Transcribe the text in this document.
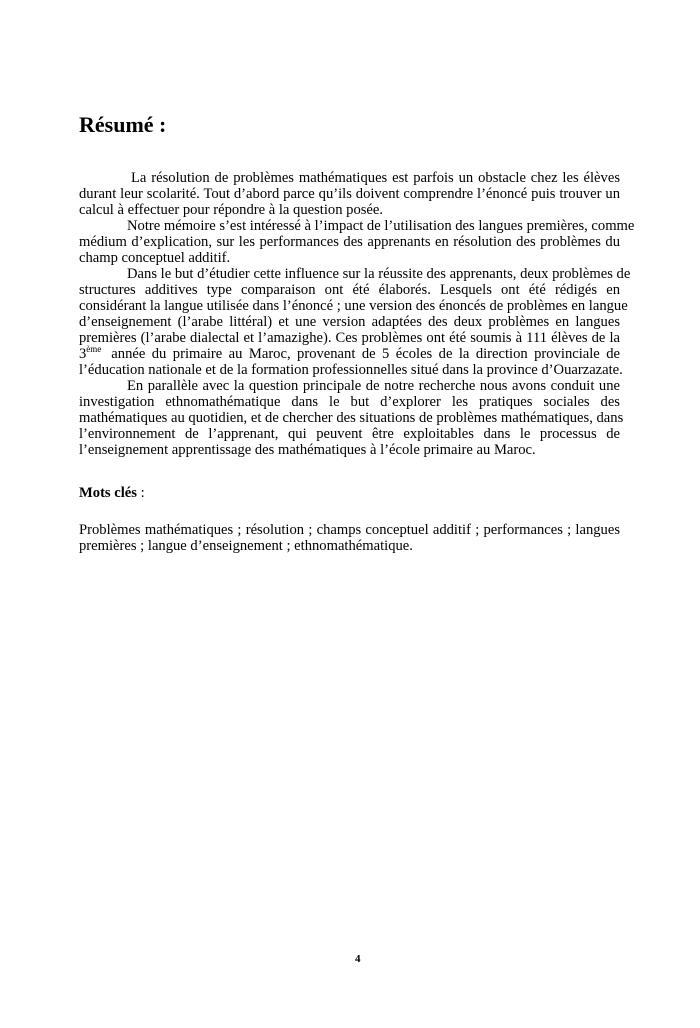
Résumé :
La résolution de problèmes mathématiques est parfois un obstacle chez les élèves
durant leur scolarité. Tout d’abord parce qu’ils doivent comprendre l’énoncé puis trouver un
calcul à effectuer pour répondre à la question posée.
Notre mémoire s’est intéressé à l’impact de l’utilisation des langues premières, comme
médium d’explication, sur les performances des apprenants en résolution des problèmes du
champ conceptuel additif.
Dans le but d’étudier cette influence sur la réussite des apprenants, deux problèmes de
structures additives type comparaison ont été élaborés. Lesquels ont été rédigés en
considérant la langue utilisée dans l’énoncé ; une version des énoncés de problèmes en langue
d’enseignement (l’arabe littéral) et une version adaptées des deux problèmes en langues
premières (l’arabe dialectal et l’amazighe). Ces problèmes ont été soumis à 111 élèves de la
3ème année du primaire au Maroc, provenant de 5 écoles de la direction provinciale de
l’éducation nationale et de la formation professionnelles situé dans la province d’Ouarzazate.
En parallèle avec la question principale de notre recherche nous avons conduit une
investigation ethnomathématique dans le but d’explorer les pratiques sociales des
mathématiques au quotidien, et de chercher des situations de problèmes mathématiques, dans
l’environnement de l’apprenant, qui peuvent être exploitables dans le processus de
l’enseignement apprentissage des mathématiques à l’école primaire au Maroc.
Mots clés :
Problèmes mathématiques ; résolution ; champs conceptuel additif ; performances ; langues
premières ; langue d’enseignement ; ethnomathématique.
4
